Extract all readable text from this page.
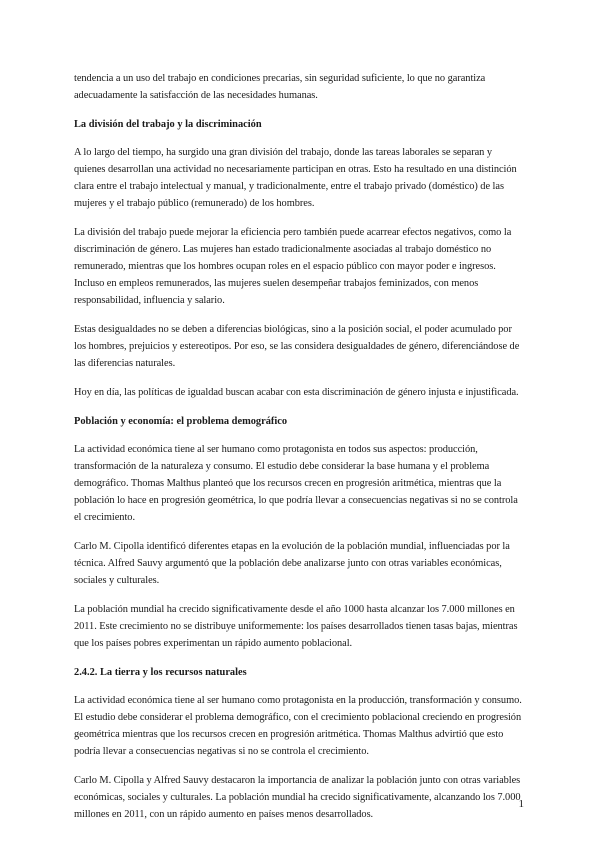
tendencia a un uso del trabajo en condiciones precarias, sin seguridad suficiente, lo que no garantiza adecuadamente la satisfacción de las necesidades humanas.

La división del trabajo y la discriminación

A lo largo del tiempo, ha surgido una gran división del trabajo, donde las tareas laborales se separan y quienes desarrollan una actividad no necesariamente participan en otras. Esto ha resultado en una distinción clara entre el trabajo intelectual y manual, y tradicionalmente, entre el trabajo privado (doméstico) de las mujeres y el trabajo público (remunerado) de los hombres.

La división del trabajo puede mejorar la eficiencia pero también puede acarrear efectos negativos, como la discriminación de género. Las mujeres han estado tradicionalmente asociadas al trabajo doméstico no remunerado, mientras que los hombres ocupan roles en el espacio público con mayor poder e ingresos. Incluso en empleos remunerados, las mujeres suelen desempeñar trabajos feminizados, con menos responsabilidad, influencia y salario.

Estas desigualdades no se deben a diferencias biológicas, sino a la posición social, el poder acumulado por los hombres, prejuicios y estereotipos. Por eso, se las considera desigualdades de género, diferenciándose de las diferencias naturales.

Hoy en día, las políticas de igualdad buscan acabar con esta discriminación de género injusta e injustificada.

Población y economía: el problema demográfico

La actividad económica tiene al ser humano como protagonista en todos sus aspectos: producción, transformación de la naturaleza y consumo. El estudio debe considerar la base humana y el problema demográfico. Thomas Malthus planteó que los recursos crecen en progresión aritmética, mientras que la población lo hace en progresión geométrica, lo que podría llevar a consecuencias negativas si no se controla el crecimiento.

Carlo M. Cipolla identificó diferentes etapas en la evolución de la población mundial, influenciadas por la técnica. Alfred Sauvy argumentó que la población debe analizarse junto con otras variables económicas, sociales y culturales.

La población mundial ha crecido significativamente desde el año 1000 hasta alcanzar los 7.000 millones en 2011. Este crecimiento no se distribuye uniformemente: los países desarrollados tienen tasas bajas, mientras que los países pobres experimentan un rápido aumento poblacional.

2.4.2. La tierra y los recursos naturales

La actividad económica tiene al ser humano como protagonista en la producción, transformación y consumo. El estudio debe considerar el problema demográfico, con el crecimiento poblacional creciendo en progresión geométrica mientras que los recursos crecen en progresión aritmética. Thomas Malthus advirtió que esto podría llevar a consecuencias negativas si no se controla el crecimiento.

Carlo M. Cipolla y Alfred Sauvy destacaron la importancia de analizar la población junto con otras variables económicas, sociales y culturales. La población mundial ha crecido significativamente, alcanzando los 7.000 millones en 2011, con un rápido aumento en países menos desarrollados.

1
